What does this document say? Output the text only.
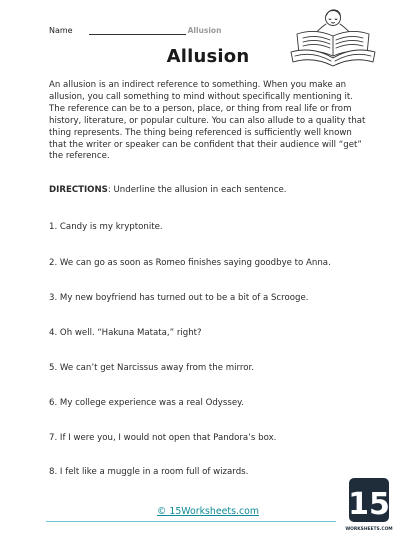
Name	Allusion
Allusion

An allusion is an indirect reference to something. When you make an allusion, you call something to mind without specifically mentioning it. The reference can be to a person, place, or thing from real life or from history, literature, or popular culture. You can also allude to a quality that thing represents. The thing being referenced is sufficiently well known that the writer or speaker can be confident that their audience will “get” the reference.

DIRECTIONS: Underline the allusion in each sentence.

1. Candy is my kryptonite.
2. We can go as soon as Romeo finishes saying goodbye to Anna.
3. My new boyfriend has turned out to be a bit of a Scrooge.
4. Oh well. “Hakuna Matata,” right?
5. We can’t get Narcissus away from the mirror.
6. My college experience was a real Odyssey.
7. If I were you, I would not open that Pandora’s box.
8. I felt like a muggle in a room full of wizards.
© 15Worksheets.com	15
WORKSHEETS.COM
